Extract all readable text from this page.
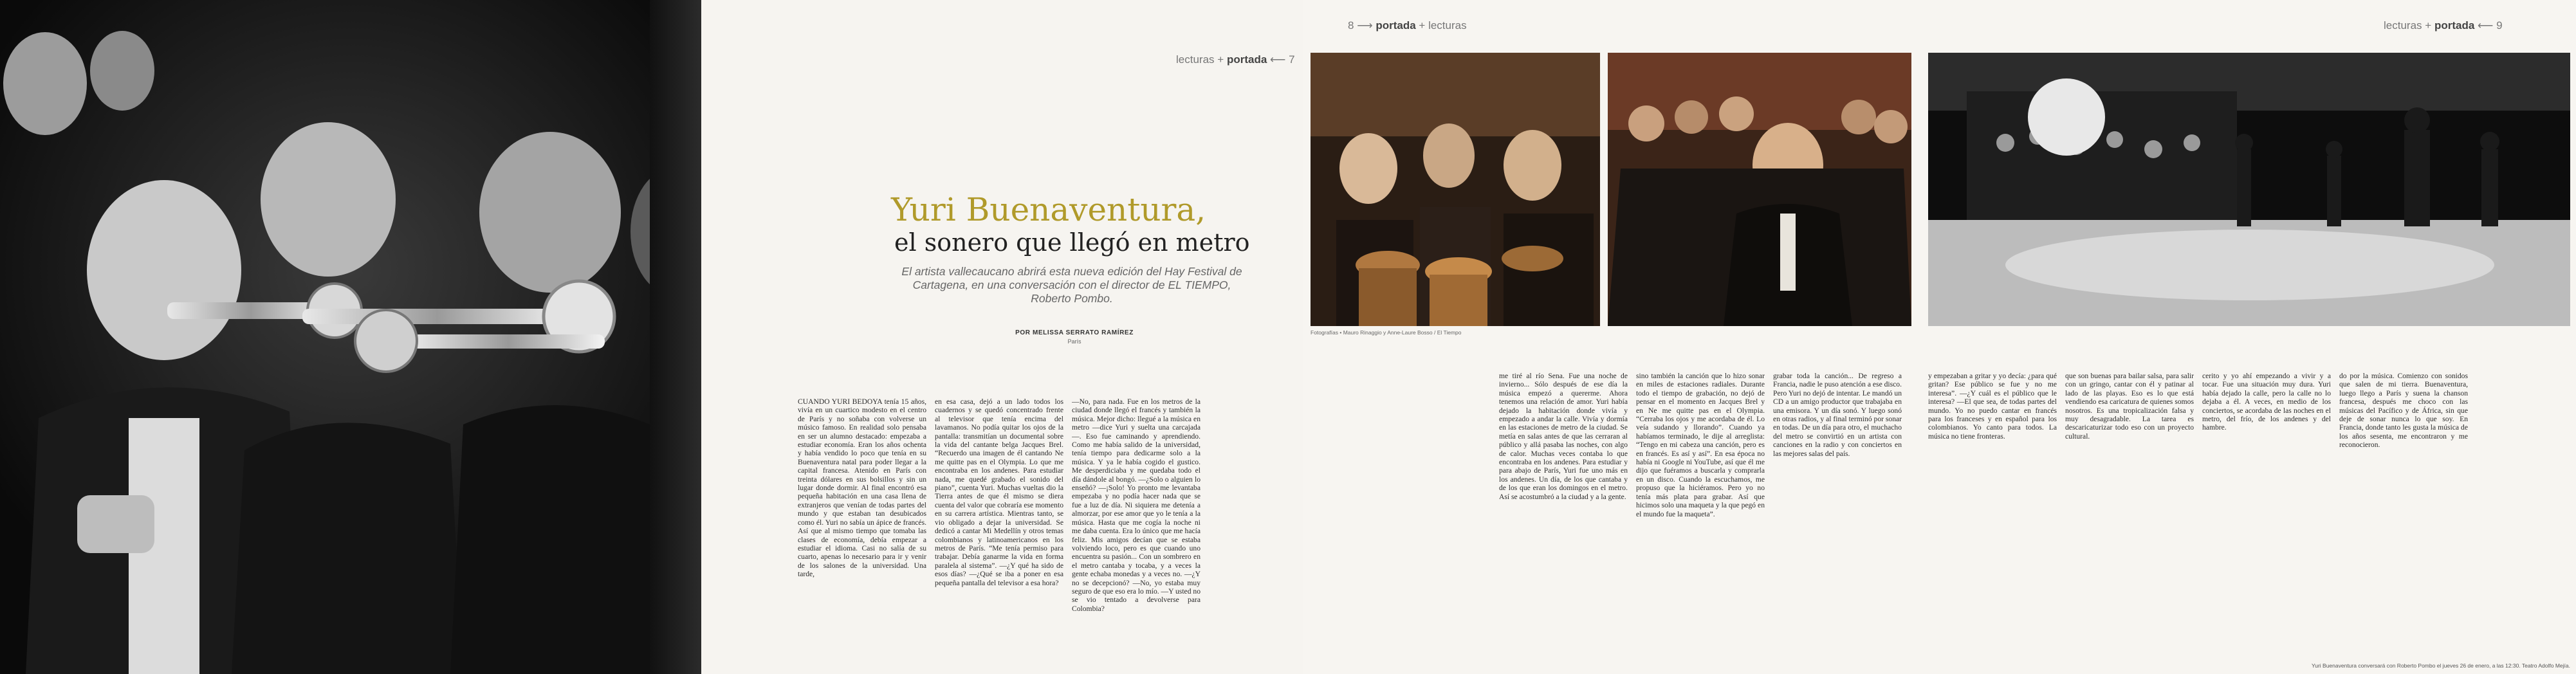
lecturas + portada ⟵ 7
Yuri Buenaventura,
el sonero que llegó en metro
El artista vallecaucano abrirá esta nueva edición del Hay Festival de Cartagena, en una conversación con el director de EL TIEMPO, Roberto Pombo.
POR MELISSA SERRATO RAMÍREZ
París
CUANDO YURI BEDOYA tenía 15 años, vivía en un cuartico modesto en el centro de París y no soñaba con volverse un músico famoso. En realidad solo pensaba en ser un alumno destacado: empezaba a estudiar economía. Eran los años ochenta y había vendido lo poco que tenía en su Buenaventura natal para poder llegar a la capital francesa. Atenido en París con treinta dólares en sus bolsillos y sin un lugar donde dormir. Al final encontró esa pequeña habitación en una casa llena de extranjeros que venían de todas partes del mundo y que estaban tan desubicados como él. Yuri no sabía un ápice de francés. Así que al mismo tiempo que tomaba las clases de economía, debía empezar a estudiar el idioma. Casi no salía de su cuarto, apenas lo necesario para ir y venir de los salones de la universidad. Una tarde,
en esa casa, dejó a un lado todos los cuadernos y se quedó concentrado frente al televisor que tenía encima del lavamanos. No podía quitar los ojos de la pantalla: transmitían un documental sobre la vida del cantante belga Jacques Brel. “Recuerdo una imagen de él cantando Ne me quitte pas en el Olympia. Lo que me encontraba en los andenes. Para estudiar nada, me quedé grabado el sonido del piano”, cuenta Yuri. Muchas vueltas dio la Tierra antes de que él mismo se diera cuenta del valor que cobraría ese momento en su carrera artística. Mientras tanto, se vio obligado a dejar la universidad. Se dedicó a cantar Mi Medellín y otros temas colombianos y latinoamericanos en los metros de París. “Me tenía permiso para trabajar. Debía ganarme la vida en forma paralela al sistema”. —¿Y qué ha sido de esos días? —¿Qué se iba a poner en esa pequeña pantalla del televisor a esa hora?
—No, para nada. Fue en los metros de la ciudad donde llegó el francés y también la música. Mejor dicho: llegué a la música en metro —dice Yuri y suelta una carcajada—. Eso fue caminando y aprendiendo. Como me había salido de la universidad, tenía tiempo para dedicarme solo a la música. Y ya le había cogido el gustico. Me desperdiciaba y me quedaba todo el día dándole al bongó. —¿Solo o alguien lo enseñó? —¡Solo! Yo pronto me levantaba empezaba y no podía hacer nada que se fue a luz de día. Ni siquiera me detenía a almorzar, por ese amor que yo le tenía a la música. Hasta que me cogía la noche ni me daba cuenta. Era lo único que me hacía feliz. Mis amigos decían que se estaba volviendo loco, pero es que cuando uno encuentra su pasión... Con un sombrero en el metro cantaba y tocaba, y a veces la gente echaba monedas y a veces no. —¿Y no se decepcionó? —No, yo estaba muy seguro de que eso era lo mío. —Y usted no se vio tentado a devolverse para Colombia?
8 ⟶ portada + lecturas
Fotografías • Mauro Rinaggio y Anne-Laure Bosso / El Tiempo
me tiré al río Sena. Fue una noche de invierno... Sólo después de ese día la música empezó a quererme. Ahora tenemos una relación de amor. Yuri había dejado la habitación donde vivía y empezado a andar la calle. Vivía y dormía en las estaciones de metro de la ciudad. Se metía en salas antes de que las cerraran al público y allá pasaba las noches, con algo de calor. Muchas veces contaba lo que encontraba en los andenes. Para estudiar y para abajo de París, Yuri fue uno más en los andenes. Un día, de los que cantaba y de los que eran los domingos en el metro. Así se acostumbró a la ciudad y a la gente.
sino también la canción que lo hizo sonar en miles de estaciones radiales. Durante todo el tiempo de grabación, no dejó de pensar en el momento en Jacques Brel y en Ne me quitte pas en el Olympia. “Cerraba los ojos y me acordaba de él. Lo veía sudando y llorando”. Cuando ya habíamos terminado, le dije al arreglista: “Tengo en mi cabeza una canción, pero es en francés. Es así y así”. En esa época no había ni Google ni YouTube, así que él me dijo que fuéramos a buscarla y comprarla en un disco. Cuando la escuchamos, me propuso que la hiciéramos. Pero yo no tenía más plata para grabar. Así que hicimos solo una maqueta y la que pegó en el mundo fue la maqueta”.
grabar toda la canción... De regreso a Francia, nadie le puso atención a ese disco. Pero Yuri no dejó de intentar. Le mandó un CD a un amigo productor que trabajaba en una emisora. Y un día sonó. Y luego sonó en otras radios, y al final terminó por sonar en todas. De un día para otro, el muchacho del metro se convirtió en un artista con canciones en la radio y con conciertos en las mejores salas del país.
lecturas + portada ⟵ 9
y empezaban a gritar y yo decía: ¿para qué gritan? Ese público se fue y no me interesa”. —¿Y cuál es el público que le interesa? —El que sea, de todas partes del mundo. Yo no puedo cantar en francés para los franceses y en español para los colombianos. Yo canto para todos. La música no tiene fronteras.
que son buenas para bailar salsa, para salir con un gringo, cantar con él y patinar al lado de las playas. Eso es lo que está vendiendo esa caricatura de quienes somos nosotros. Es una tropicalización falsa y muy desagradable. La tarea es descaricaturizar todo eso con un proyecto cultural.
cerito y yo ahí empezando a vivir y a tocar. Fue una situación muy dura. Yuri había dejado la calle, pero la calle no lo dejaba a él. A veces, en medio de los conciertos, se acordaba de las noches en el metro, del frío, de los andenes y del hambre.
do por la música. Comienzo con sonidos que salen de mi tierra. Buenaventura, luego llego a París y suena la chanson francesa, después me choco con las músicas del Pacífico y de África, sin que deje de sonar nunca lo que soy. En Francia, donde tanto les gusta la música de los años sesenta, me encontraron y me reconocieron.
Yuri Buenaventura conversará con Roberto Pombo el jueves 26 de enero, a las 12:30. Teatro Adolfo Mejía.
